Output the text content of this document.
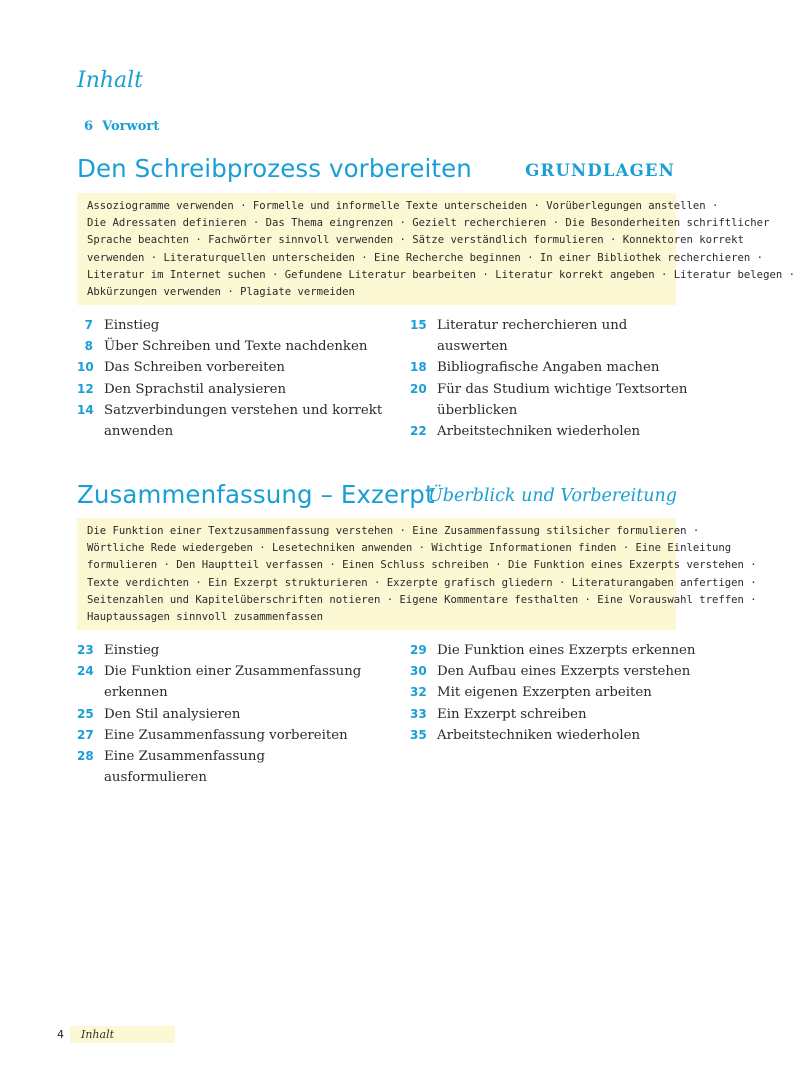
Inhalt
6 Vorwort
Den Schreibprozess vorbereiten	GRUNDLAGEN
Assoziogramme verwenden · Formelle und informelle Texte unterscheiden · Vorüberlegungen anstellen ·
Die Adressaten definieren · Das Thema eingrenzen · Gezielt recherchieren · Die Besonderheiten schriftlicher
Sprache beachten · Fachwörter sinnvoll verwenden · Sätze verständlich formulieren · Konnektoren korrekt
verwenden · Literaturquellen unterscheiden · Eine Recherche beginnen · In einer Bibliothek recherchieren ·
Literatur im Internet suchen · Gefundene Literatur bearbeiten · Literatur korrekt angeben · Literatur belegen ·
Abkürzungen verwenden · Plagiate vermeiden
7 Einstieg
8 Über Schreiben und Texte nachdenken
10 Das Schreiben vorbereiten
12 Den Sprachstil analysieren
14 Satzverbindungen verstehen und korrekt anwenden
15 Literatur recherchieren und auswerten
18 Bibliografische Angaben machen
20 Für das Studium wichtige Textsorten überblicken
22 Arbeitstechniken wiederholen
Zusammenfassung – Exzerpt
Überblick und Vorbereitung
Die Funktion einer Textzusammenfassung verstehen · Eine Zusammenfassung stilsicher formulieren ·
Wörtliche Rede wiedergeben · Lesetechniken anwenden · Wichtige Informationen finden · Eine Einleitung
formulieren · Den Hauptteil verfassen · Einen Schluss schreiben · Die Funktion eines Exzerpts verstehen ·
Texte verdichten · Ein Exzerpt strukturieren · Exzerpte grafisch gliedern · Literaturangaben anfertigen ·
Seitenzahlen und Kapitelüberschriften notieren · Eigene Kommentare festhalten · Eine Vorauswahl treffen ·
Hauptaussagen sinnvoll zusammenfassen
23 Einstieg
24 Die Funktion einer Zusammenfassung erkennen
25 Den Stil analysieren
27 Eine Zusammenfassung vorbereiten
28 Eine Zusammenfassung ausformulieren
29 Die Funktion eines Exzerpts erkennen
30 Den Aufbau eines Exzerpts verstehen
32 Mit eigenen Exzerpten arbeiten
33 Ein Exzerpt schreiben
35 Arbeitstechniken wiederholen
4 Inhalt
